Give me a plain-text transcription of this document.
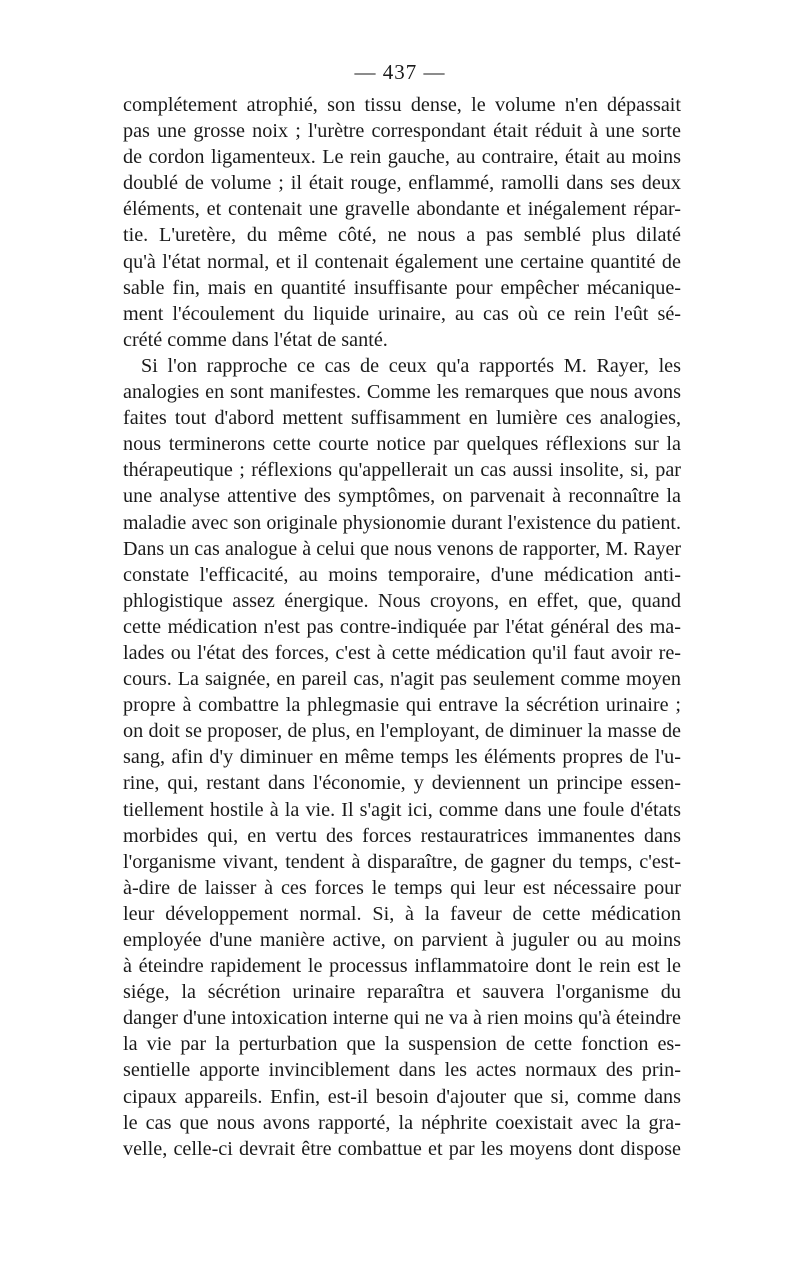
— 437 —
complétement atrophié, son tissu dense, le volume n'en dépassait
pas une grosse noix ; l'urètre correspondant était réduit à une sorte
de cordon ligamenteux. Le rein gauche, au contraire, était au moins
doublé de volume ; il était rouge, enflammé, ramolli dans ses deux
éléments, et contenait une gravelle abondante et inégalement répar-
tie. L'uretère, du même côté, ne nous a pas semblé plus dilaté
qu'à l'état normal, et il contenait également une certaine quantité de
sable fin, mais en quantité insuffisante pour empêcher mécanique-
ment l'écoulement du liquide urinaire, au cas où ce rein l'eût sé-
crété comme dans l'état de santé.
Si l'on rapproche ce cas de ceux qu'a rapportés M. Rayer, les
analogies en sont manifestes. Comme les remarques que nous avons
faites tout d'abord mettent suffisamment en lumière ces analogies,
nous terminerons cette courte notice par quelques réflexions sur la
thérapeutique ; réflexions qu'appellerait un cas aussi insolite, si, par
une analyse attentive des symptômes, on parvenait à reconnaître la
maladie avec son originale physionomie durant l'existence du patient.
Dans un cas analogue à celui que nous venons de rapporter, M. Rayer
constate l'efficacité, au moins temporaire, d'une médication anti-
phlogistique assez énergique. Nous croyons, en effet, que, quand
cette médication n'est pas contre-indiquée par l'état général des ma-
lades ou l'état des forces, c'est à cette médication qu'il faut avoir re-
cours. La saignée, en pareil cas, n'agit pas seulement comme moyen
propre à combattre la phlegmasie qui entrave la sécrétion urinaire ;
on doit se proposer, de plus, en l'employant, de diminuer la masse de
sang, afin d'y diminuer en même temps les éléments propres de l'u-
rine, qui, restant dans l'économie, y deviennent un principe essen-
tiellement hostile à la vie. Il s'agit ici, comme dans une foule d'états
morbides qui, en vertu des forces restauratrices immanentes dans
l'organisme vivant, tendent à disparaître, de gagner du temps, c'est-
à-dire de laisser à ces forces le temps qui leur est nécessaire pour
leur développement normal. Si, à la faveur de cette médication
employée d'une manière active, on parvient à juguler ou au moins
à éteindre rapidement le processus inflammatoire dont le rein est le
siége, la sécrétion urinaire reparaîtra et sauvera l'organisme du
danger d'une intoxication interne qui ne va à rien moins qu'à éteindre
la vie par la perturbation que la suspension de cette fonction es-
sentielle apporte invinciblement dans les actes normaux des prin-
cipaux appareils. Enfin, est-il besoin d'ajouter que si, comme dans
le cas que nous avons rapporté, la néphrite coexistait avec la gra-
velle, celle-ci devrait être combattue et par les moyens dont dispose
